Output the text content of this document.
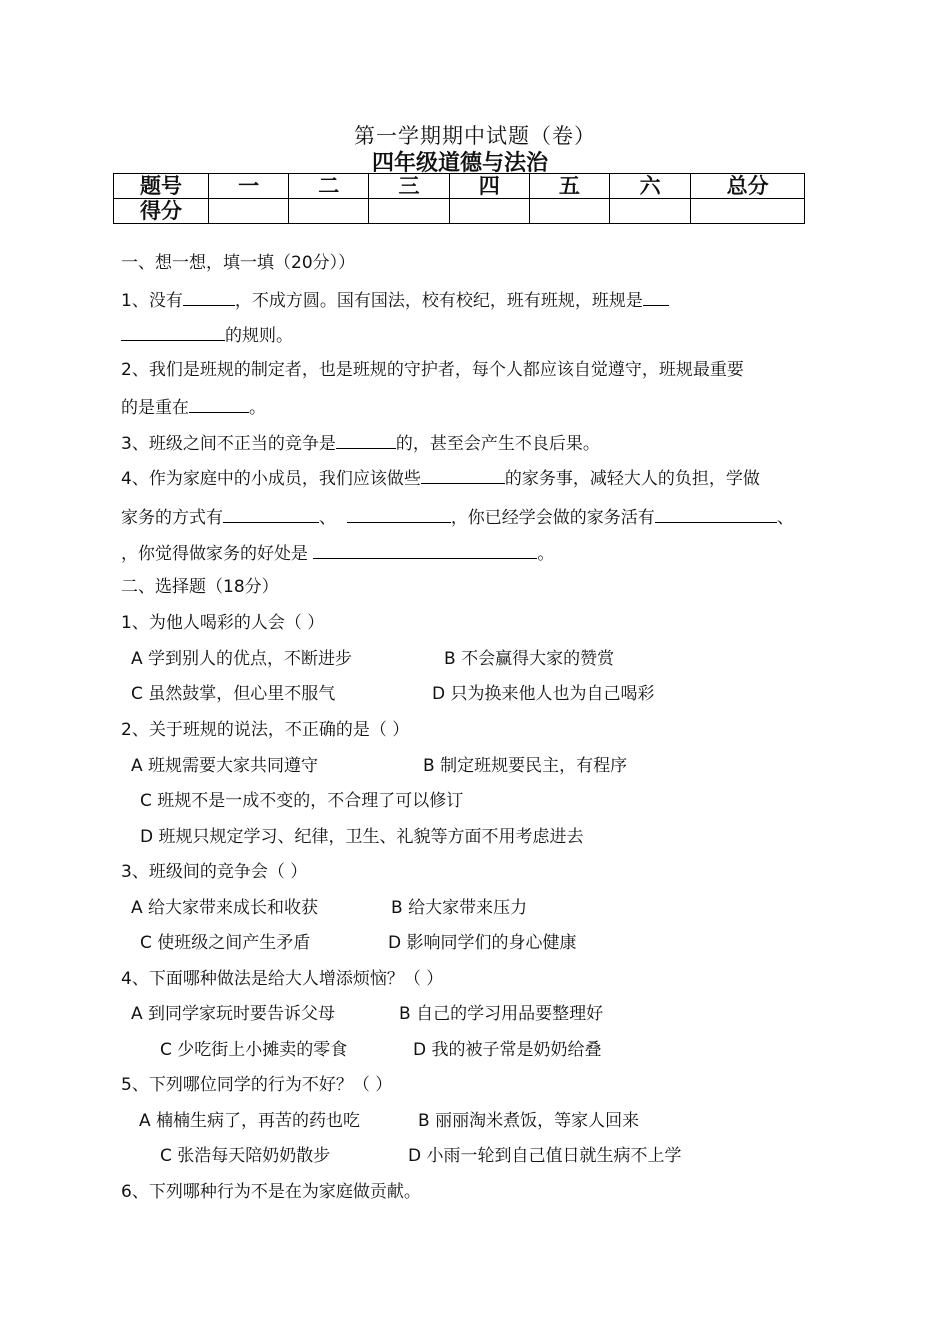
第一学期期中试题（卷）
四年级道德与法治
题号	一	二	三	四	五	六	总分
得分							
一、想一想，填一填（20分））
1、没有	，不成方圆。国有国法，校有校纪，班有班规，班规是
的规则。
2、我们是班规的制定者，也是班规的守护者，每个人都应该自觉遵守，班规最重要
的是重在	。
3、班级之间不正当的竞争是	的，甚至会产生不良后果。
4、作为家庭中的小成员，我们应该做些	的家务事，减轻大人的负担，学做
家务的方式有	、	，你已经学会做的家务活有	、
，你觉得做家务的好处是	。
二、选择题（18分）
1、为他人喝彩的人会（ ）
A 学到别人的优点，不断进步	B 不会赢得大家的赞赏
C 虽然鼓掌，但心里不服气	D 只为换来他人也为自己喝彩
2、关于班规的说法，不正确的是（ ）
A 班规需要大家共同遵守	B 制定班规要民主，有程序
C 班规不是一成不变的，不合理了可以修订
D 班规只规定学习、纪律，卫生、礼貌等方面不用考虑进去
3、班级间的竞争会（ ）
A 给大家带来成长和收获	B 给大家带来压力
C 使班级之间产生矛盾	D 影响同学们的身心健康
4、下面哪种做法是给大人增添烦恼？（ ）
A 到同学家玩时要告诉父母	B 自己的学习用品要整理好
C 少吃街上小摊卖的零食	D 我的被子常是奶奶给叠
5、下列哪位同学的行为不好？（ ）
A 楠楠生病了，再苦的药也吃	B 丽丽淘米煮饭，等家人回来
C 张浩每天陪奶奶散步	D 小雨一轮到自己值日就生病不上学
6、下列哪种行为不是在为家庭做贡献。
